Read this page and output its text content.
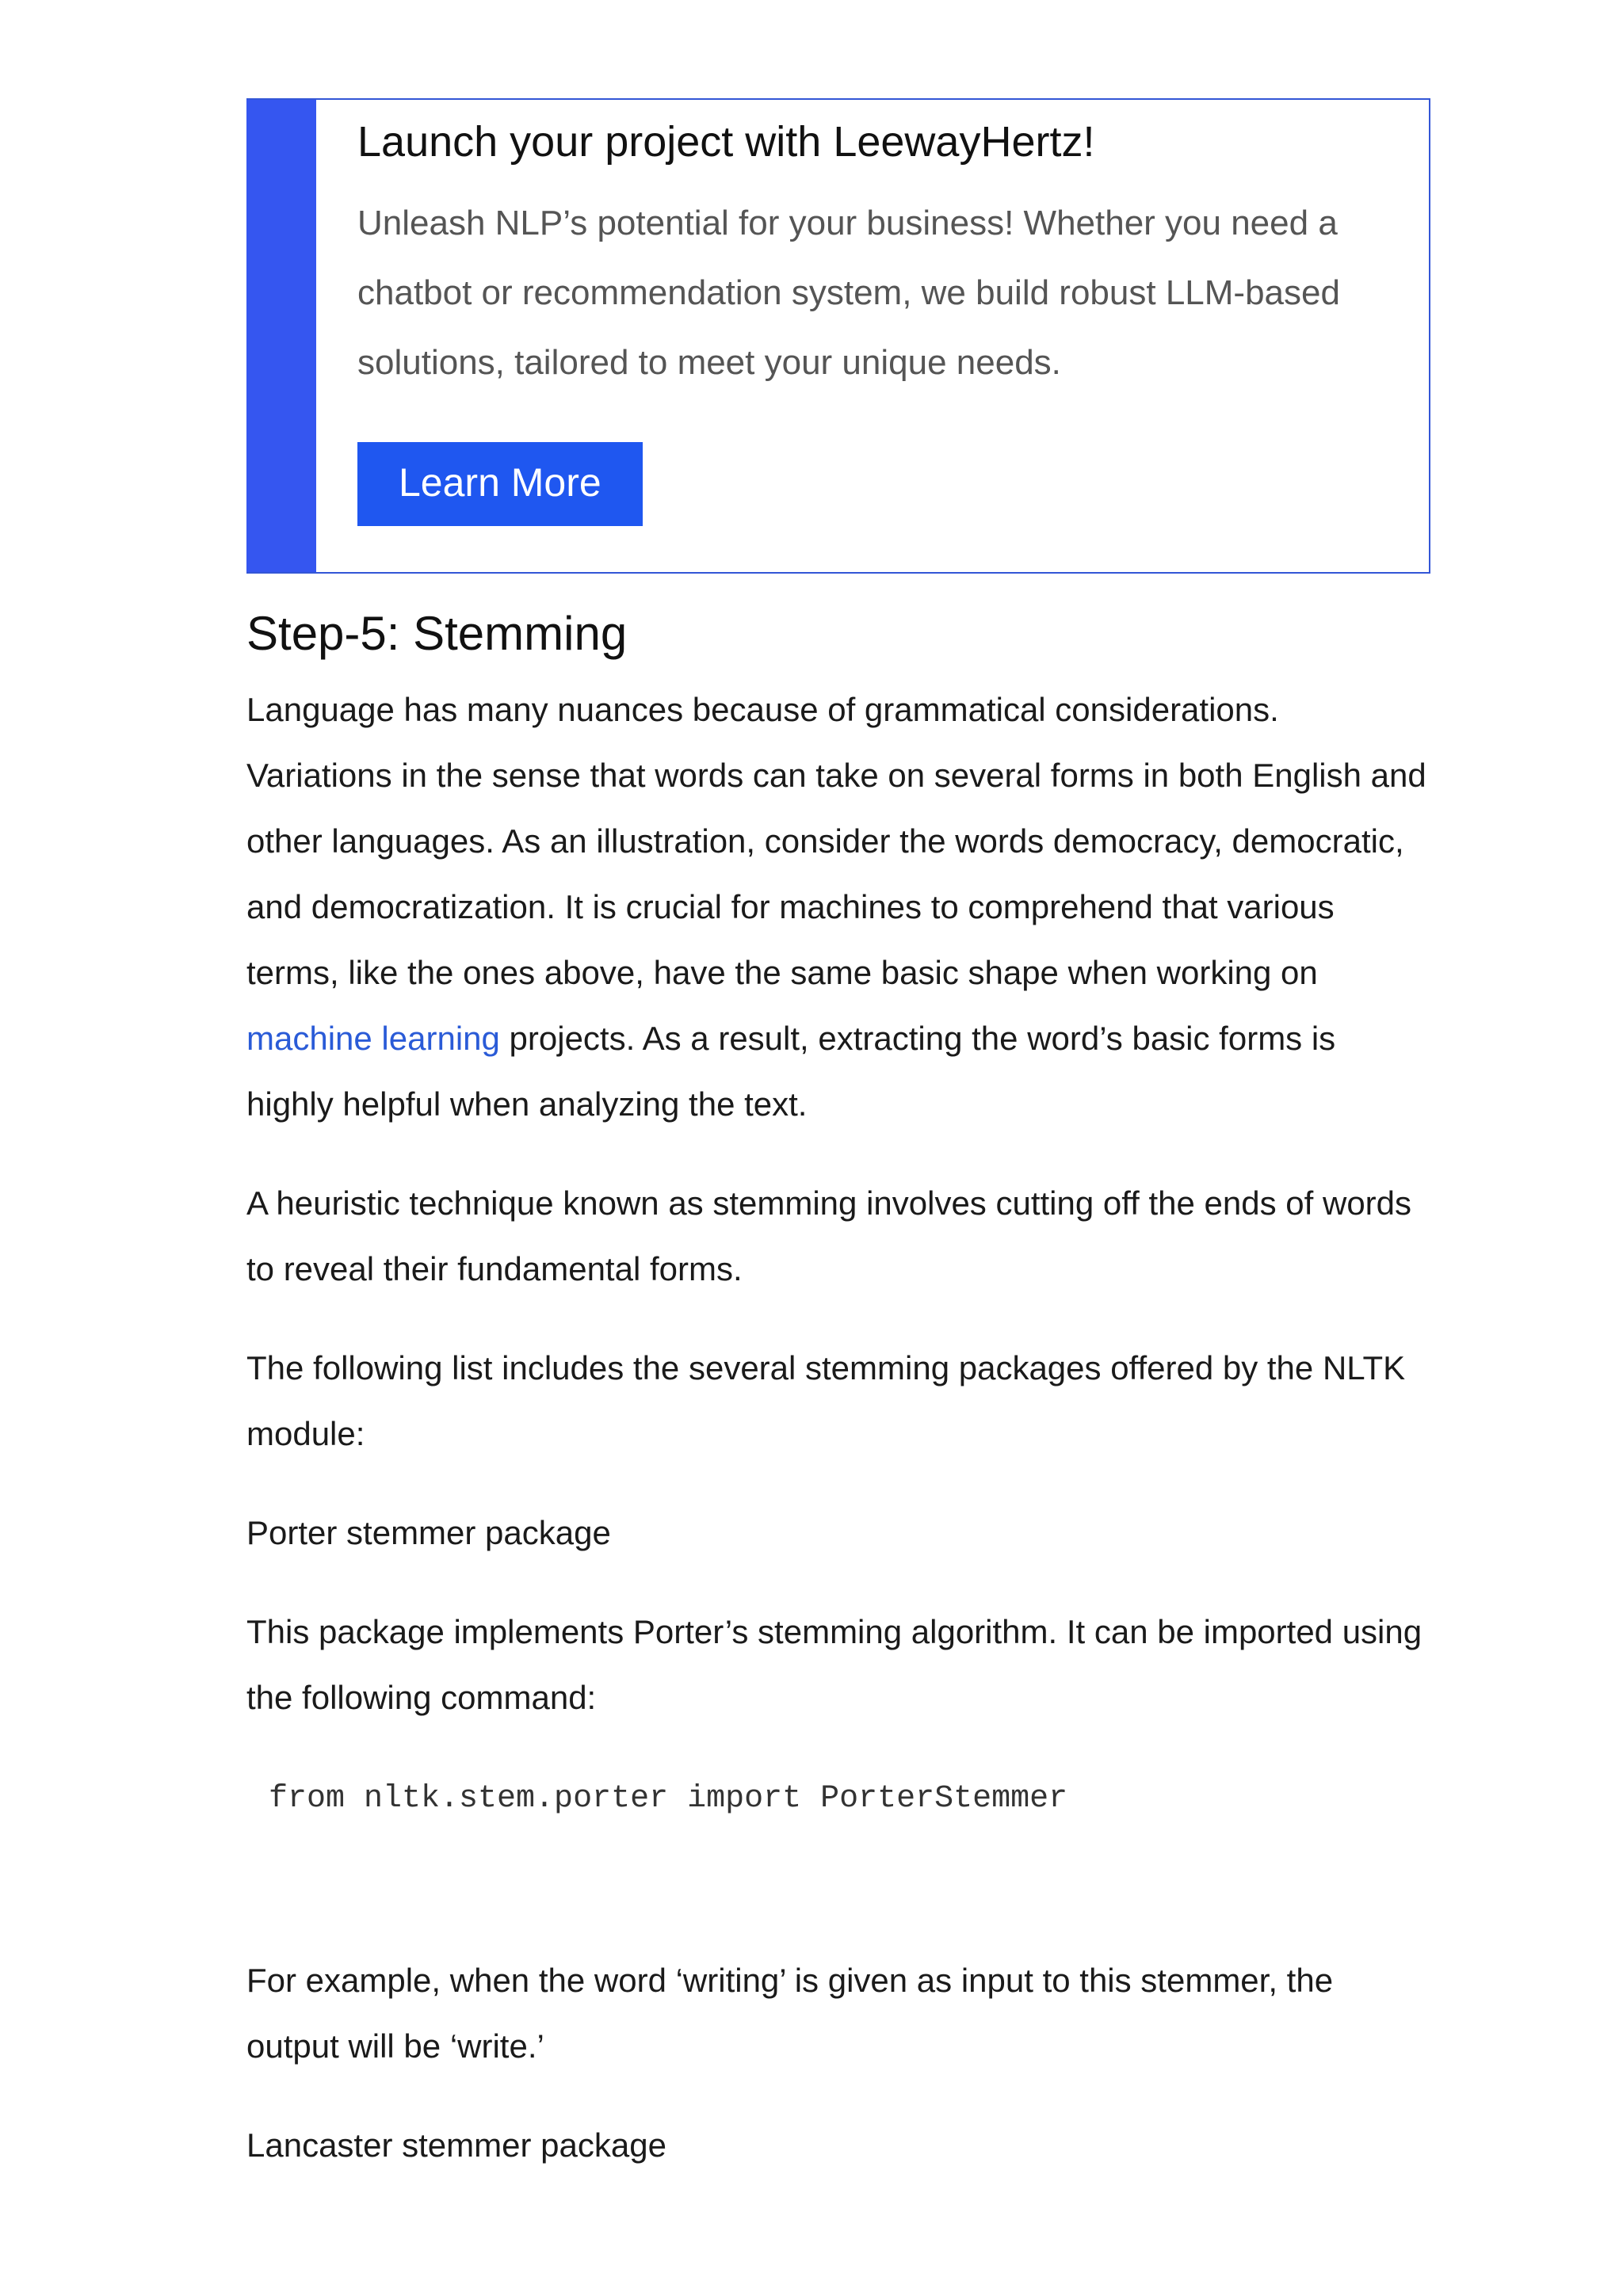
Launch your project with LeewayHertz!

Unleash NLP’s potential for your business! Whether you need a chatbot or recommendation system, we build robust LLM-based solutions, tailored to meet your unique needs.

Learn More
Step-5: Stemming

Language has many nuances because of grammatical considerations. Variations in the sense that words can take on several forms in both English and other languages. As an illustration, consider the words democracy, democratic, and democratization. It is crucial for machines to comprehend that various terms, like the ones above, have the same basic shape when working on machine learning projects. As a result, extracting the word’s basic forms is highly helpful when analyzing the text.

A heuristic technique known as stemming involves cutting off the ends of words to reveal their fundamental forms.

The following list includes the several stemming packages offered by the NLTK module:

Porter stemmer package

This package implements Porter’s stemming algorithm. It can be imported using the following command:

from nltk.stem.porter import PorterStemmer

For example, when the word ‘writing’ is given as input to this stemmer, the output will be ‘write.’

Lancaster stemmer package
